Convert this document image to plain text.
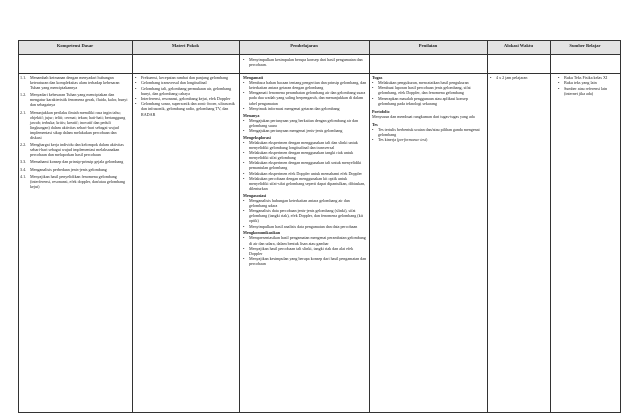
Kompetensi Dasar	Materi Pokok	Pembelajaran	Penilaian	Alokasi Waktu	Sumber Belajar
• Menyimpulkan kesimpulan berupa konsep dari hasil pengamatan dan percobaan.
1.1. Menambah keimanan dengan menyadari hubungan keteraturan dan kompleksitas alam terhadap kebesaran Tuhan yang menciptakannya
1.2. Menyadari kebesaran Tuhan yang menciptakan dan mengatur karakteristik fenomena gerak, fluida, kalor, bunyi dan sebagainya
2.1. Menunjukkan perilaku ilmiah memiliki rasa ingin tahu; objektif; jujur; teliti; cermat; tekun; hati-hati; bertanggung jawab; terbuka; kritis; kreatif; inovatif dan peduli lingkungan) dalam aktivitas sehari-hari sebagai wujud implementasi sikap dalam melakukan percobaan dan diskusi
2.2. Menghargai kerja individu dan kelompok dalam aktivitas sehari-hari sebagai wujud implementasi melaksanakan percobaan dan melaporkan hasil percobaan
3.3. Memahami konsep dan prinsip-prinsip gejala gelombang
3.4. Menganalisis perbedaan jenis-jenis gelombang
4.1. Menyajikan hasil penyelidikan fenomena gelombang (interferensi, resonansi, efek doppler, dan/atau gelombang kejut)
• Frekuensi, kecepatan rambat dan panjang gelombang
• Gelombang transversal dan longitudinal
• Gelombang tali, gelombang permukaan air, gelombang bunyi, dan gelombang cahaya
• Interferensi, resonansi, gelombang kejut, efek Doppler
• Gelombang sonar, supersonik dan sonic boom, ultrasonik dan infrasonik, gelombang radio, gelombang TV, dan RADAR
Mengamati
• Membaca bahan bacaan tentang pengertian dan prinsip gelombang, dan keterkaitan antara getaran dengan gelombang
• Mengamati fenomena perambatan gelombang air dan gelombang suara pada dua wadah yang saling berpengaruh, dan menunjukkan di dalam tabel pengamatan
• Menyimak informasi mengenai getaran dan gelombang
Menanya
• Mengajukan pertanyaan yang berkaitan dengan gelombang air dan gelombang suara
• Mengajukan pertanyaan mengenai jenis-jenis gelombang
Mengeksplorasi
• Melakukan eksperimen dengan menggunakan tali dan slinki untuk menyelidiki gelombang longitudinal dan transversal
• Melakukan eksperimen dengan menggunakan tangki riak untuk menyelidiki sifat gelombang
• Melakukan eksperimen dengan menggunakan tali untuk menyelidiki pemantulan gelombang
• Melakukan eksperimen efek Doppler untuk memahami efek Doppler
• Melakukan percobaan dengan menggunakan kit optik untuk menyelidiki sifat-sifat gelombang seperti dapat dipantulkan, dibiaskan, dilenturkan
Mengasosiasi
• Menganalisis hubungan keterkaitan antara gelombang air dan gelombang udara
• Menganalisis data percobaan jenis-jenis gelombang (slinki), sifat gelombang (tangki riak), efek Doppler, dan fenomena gelombang (kit optik)
• Menyimpulkan hasil analisis data pengamatan dan data percobaan
Mengkomunikasikan
• Mempresentasikan hasil pengamatan mengenai perambatan gelombang di air dan udara, dalam bentuk lisan atau gambar
• Menyajikan hasil percobaan tali slinki, tangki riak dan alat efek Doppler
• Menyajikan kesimpulan yang berupa konsep dari hasil pengamatan dan percobaan
Tugas
• Melakukan pengukuran, mencatatkan hasil pengukuran
• Membuat laporan hasil percobaan jenis gelombang, sifat gelombang, efek Doppler, dan fenomena gelombang
• Menerapkan masalah penggunaan atau aplikasi konsep gelombang pada teknologi sekarang
Portofolio

Menyusun dan membuat rangkuman dari tugas-tugas yang ada

Tes
• Tes tertulis berbentuk uraian dan/atau pilihan ganda mengenai gelombang
• Tes kinerja (performance test)
• 4 x 2 jam pelajaran
•	Buku Teks Fisika kelas XI
• Buku teks yang lain
• Sumber atau referensi lain (internet jika ada)
